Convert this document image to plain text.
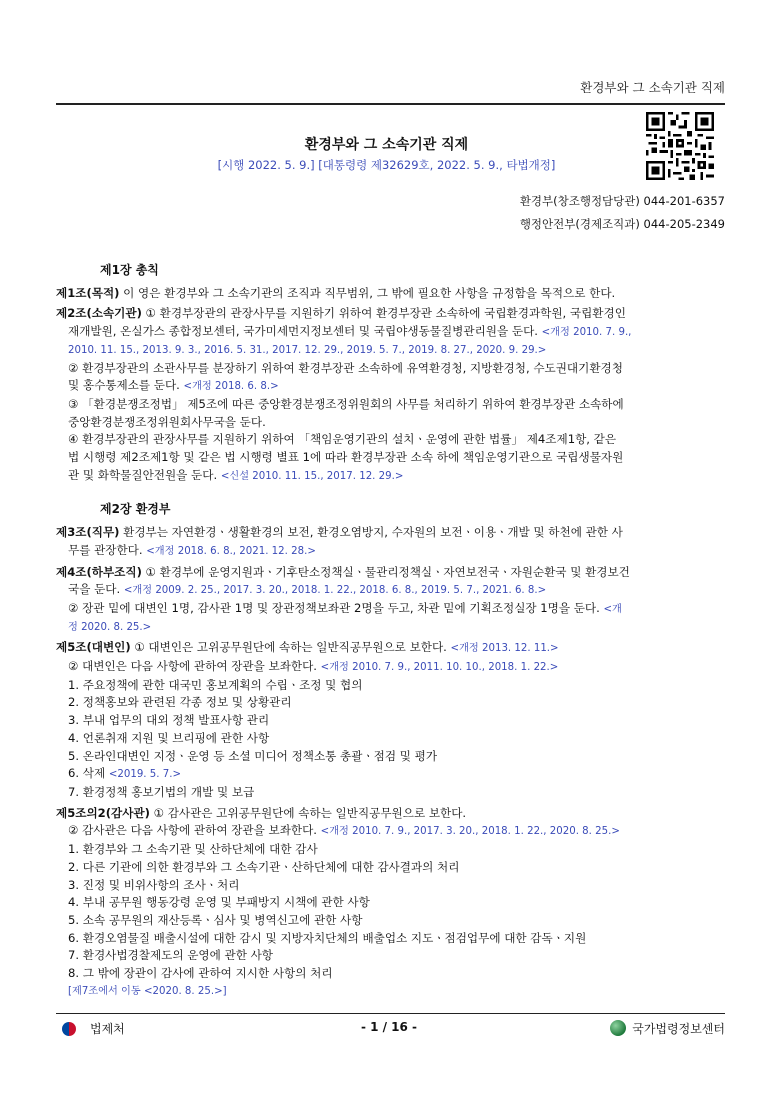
환경부와 그 소속기관 직제
환경부와 그 소속기관 직제
[시행 2022. 5. 9.] [대통령령 제32629호, 2022. 5. 9., 타법개정]
환경부(창조행정담당관) 044-201-6357
행정안전부(경제조직과) 044-205-2349
제1장 총칙
제1조(목적) 이 영은 환경부와 그 소속기관의 조직과 직무범위, 그 밖에 필요한 사항을 규정함을 목적으로 한다.
제2조(소속기관) ① 환경부장관의 관장사무를 지원하기 위하여 환경부장관 소속하에 국립환경과학원, 국립환경인
재개발원, 온실가스 종합정보센터, 국가미세먼지정보센터 및 국립야생동물질병관리원을 둔다. <개정 2010. 7. 9.,
2010. 11. 15., 2013. 9. 3., 2016. 5. 31., 2017. 12. 29., 2019. 5. 7., 2019. 8. 27., 2020. 9. 29.>
② 환경부장관의 소관사무를 분장하기 위하여 환경부장관 소속하에 유역환경청, 지방환경청, 수도권대기환경청
및 홍수통제소를 둔다. <개정 2018. 6. 8.>
③ 「환경분쟁조정법」 제5조에 따른 중앙환경분쟁조정위원회의 사무를 처리하기 위하여 환경부장관 소속하에
중앙환경분쟁조정위원회사무국을 둔다.
④ 환경부장관의 관장사무를 지원하기 위하여 「책임운영기관의 설치ㆍ운영에 관한 법률」 제4조제1항, 같은
법 시행령 제2조제1항 및 같은 법 시행령 별표 1에 따라 환경부장관 소속 하에 책임운영기관으로 국립생물자원
관 및 화학물질안전원을 둔다. <신설 2010. 11. 15., 2017. 12. 29.>
제2장 환경부
제3조(직무) 환경부는 자연환경ㆍ생활환경의 보전, 환경오염방지, 수자원의 보전ㆍ이용ㆍ개발 및 하천에 관한 사
무를 관장한다. <개정 2018. 6. 8., 2021. 12. 28.>
제4조(하부조직) ① 환경부에 운영지원과ㆍ기후탄소정책실ㆍ물관리정책실ㆍ자연보전국ㆍ자원순환국 및 환경보건
국을 둔다. <개정 2009. 2. 25., 2017. 3. 20., 2018. 1. 22., 2018. 6. 8., 2019. 5. 7., 2021. 6. 8.>
② 장관 밑에 대변인 1명, 감사관 1명 및 장관정책보좌관 2명을 두고, 차관 밑에 기획조정실장 1명을 둔다. <개
정 2020. 8. 25.>
제5조(대변인) ① 대변인은 고위공무원단에 속하는 일반직공무원으로 보한다. <개정 2013. 12. 11.>
② 대변인은 다음 사항에 관하여 장관을 보좌한다. <개정 2010. 7. 9., 2011. 10. 10., 2018. 1. 22.>
1. 주요정책에 관한 대국민 홍보계획의 수립ㆍ조정 및 협의
2. 정책홍보와 관련된 각종 정보 및 상황관리
3. 부내 업무의 대외 정책 발표사항 관리
4. 언론취재 지원 및 브리핑에 관한 사항
5. 온라인대변인 지정ㆍ운영 등 소셜 미디어 정책소통 총괄ㆍ점검 및 평가
6. 삭제 <2019. 5. 7.>
7. 환경정책 홍보기법의 개발 및 보급
제5조의2(감사관) ① 감사관은 고위공무원단에 속하는 일반직공무원으로 보한다.
② 감사관은 다음 사항에 관하여 장관을 보좌한다. <개정 2010. 7. 9., 2017. 3. 20., 2018. 1. 22., 2020. 8. 25.>
1. 환경부와 그 소속기관 및 산하단체에 대한 감사
2. 다른 기관에 의한 환경부와 그 소속기관ㆍ산하단체에 대한 감사결과의 처리
3. 진정 및 비위사항의 조사ㆍ처리
4. 부내 공무원 행동강령 운영 및 부패방지 시책에 관한 사항
5. 소속 공무원의 재산등록ㆍ심사 및 병역신고에 관한 사항
6. 환경오염물질 배출시설에 대한 감시 및 지방자치단체의 배출업소 지도ㆍ점검업무에 대한 감독ㆍ지원
7. 환경사법경찰제도의 운영에 관한 사항
8. 그 밖에 장관이 감사에 관하여 지시한 사항의 처리
[제7조에서 이동 <2020. 8. 25.>]
법제처	- 1 / 16 -	국가법령정보센터
